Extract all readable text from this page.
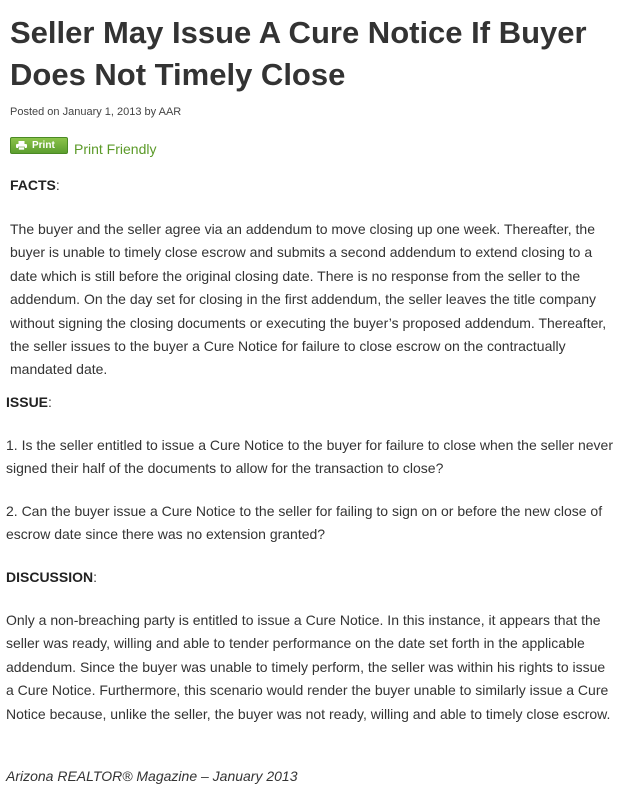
Seller May Issue A Cure Notice If Buyer Does Not Timely Close

Posted on January 1, 2013 by AAR

Print Print Friendly

FACTS:

The buyer and the seller agree via an addendum to move closing up one week. Thereafter, the buyer is unable to timely close escrow and submits a second addendum to extend closing to a date which is still before the original closing date. There is no response from the seller to the addendum. On the day set for closing in the first addendum, the seller leaves the title company without signing the closing documents or executing the buyer’s proposed addendum. Thereafter, the seller issues to the buyer a Cure Notice for failure to close escrow on the contractually mandated date.

ISSUE:

1. Is the seller entitled to issue a Cure Notice to the buyer for failure to close when the seller never signed their half of the documents to allow for the transaction to close?

2. Can the buyer issue a Cure Notice to the seller for failing to sign on or before the new close of escrow date since there was no extension granted?

DISCUSSION:

Only a non-breaching party is entitled to issue a Cure Notice. In this instance, it appears that the seller was ready, willing and able to tender performance on the date set forth in the applicable addendum. Since the buyer was unable to timely perform, the seller was within his rights to issue a Cure Notice. Furthermore, this scenario would render the buyer unable to similarly issue a Cure Notice because, unlike the seller, the buyer was not ready, willing and able to timely close escrow.

Arizona REALTOR® Magazine – January 2013
